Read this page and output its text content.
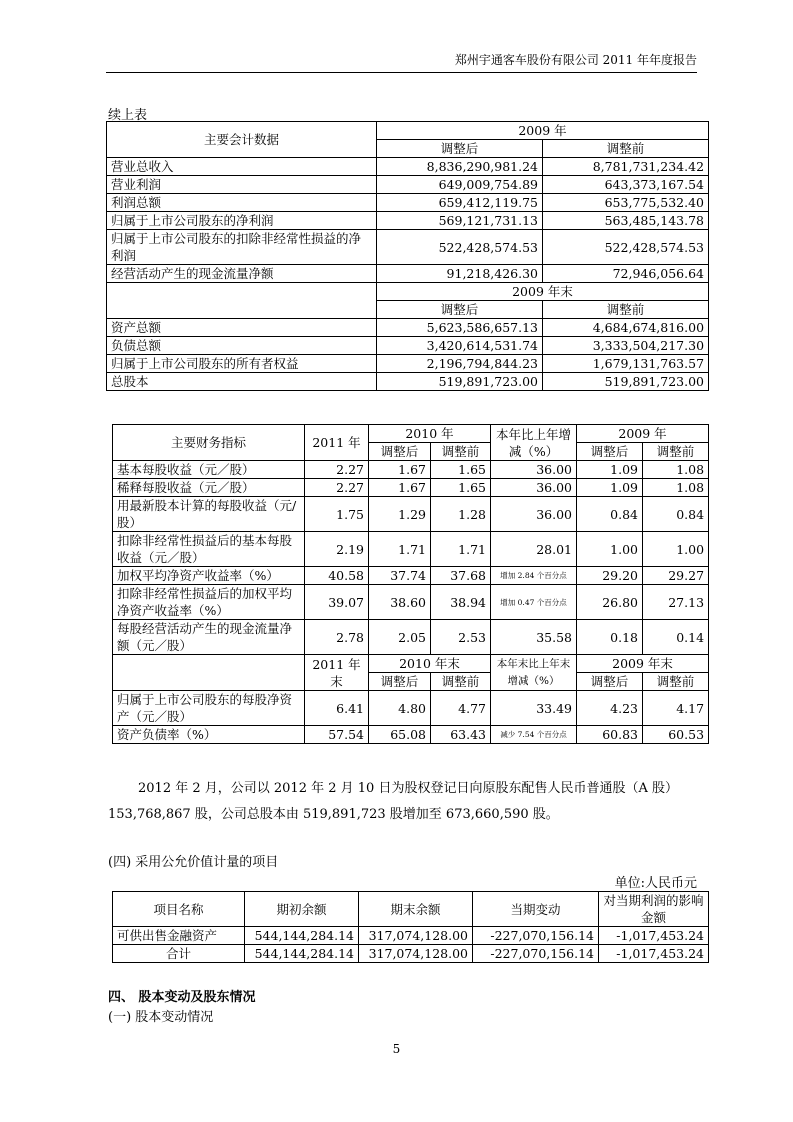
郑州宇通客车股份有限公司 2011 年年度报告
续上表
主要会计数据	2009 年	
	调整后	调整前
营业总收入	8,836,290,981.24	8,781,731,234.42
营业利润	649,009,754.89	643,373,167.54
利润总额	659,412,119.75	653,775,532.40
归属于上市公司股东的净利润	569,121,731.13	563,485,143.78
归属于上市公司股东的扣除非经常性损益的净利润	522,428,574.53	522,428,574.53
经营活动产生的现金流量净额	91,218,426.30	72,946,056.64
	2009 年末	
	调整后	调整前
资产总额	5,623,586,657.13	4,684,674,816.00
负债总额	3,420,614,531.74	3,333,504,217.30
归属于上市公司股东的所有者权益	2,196,794,844.23	1,679,131,763.57
总股本	519,891,723.00	519,891,723.00
主要财务指标	2011 年	2010 年		本年比上年增减（%）	2009 年	
		调整后	调整前		调整后	调整前
基本每股收益（元／股）	2.27	1.67	1.65	36.00	1.09	1.08
稀释每股收益（元／股）	2.27	1.67	1.65	36.00	1.09	1.08
用最新股本计算的每股收益（元/股）	1.75	1.29	1.28	36.00	0.84	0.84
扣除非经常性损益后的基本每股收益（元／股）	2.19	1.71	1.71	28.01	1.00	1.00
加权平均净资产收益率（%）	40.58	37.74	37.68	增加 2.84 个百分点	29.20	29.27
扣除非经常性损益后的加权平均净资产收益率（%）	39.07	38.60	38.94	增加 0.47 个百分点	26.80	27.13
每股经营活动产生的现金流量净额（元／股）	2.78	2.05	2.53	35.58	0.18	0.14
	2011 年末	2010 年末		本年末比上年末增减（%）	2009 年末	
		调整后	调整前		调整后	调整前
归属于上市公司股东的每股净资产（元／股）	6.41	4.80	4.77	33.49	4.23	4.17
资产负债率（%）	57.54	65.08	63.43	减少 7.54 个百分点	60.83	60.53
2012 年 2 月，公司以 2012 年 2 月 10 日为股权登记日向原股东配售人民币普通股（A 股）153,768,867 股，公司总股本由 519,891,723 股增加至 673,660,590 股。
(四) 采用公允价值计量的项目
单位:人民币元
项目名称	期初余额	期末余额	当期变动	对当期利润的影响金额
可供出售金融资产	544,144,284.14	317,074,128.00	-227,070,156.14	-1,017,453.24
合计	544,144,284.14	317,074,128.00	-227,070,156.14	-1,017,453.24
四、 股本变动及股东情况
(一) 股本变动情况
5
